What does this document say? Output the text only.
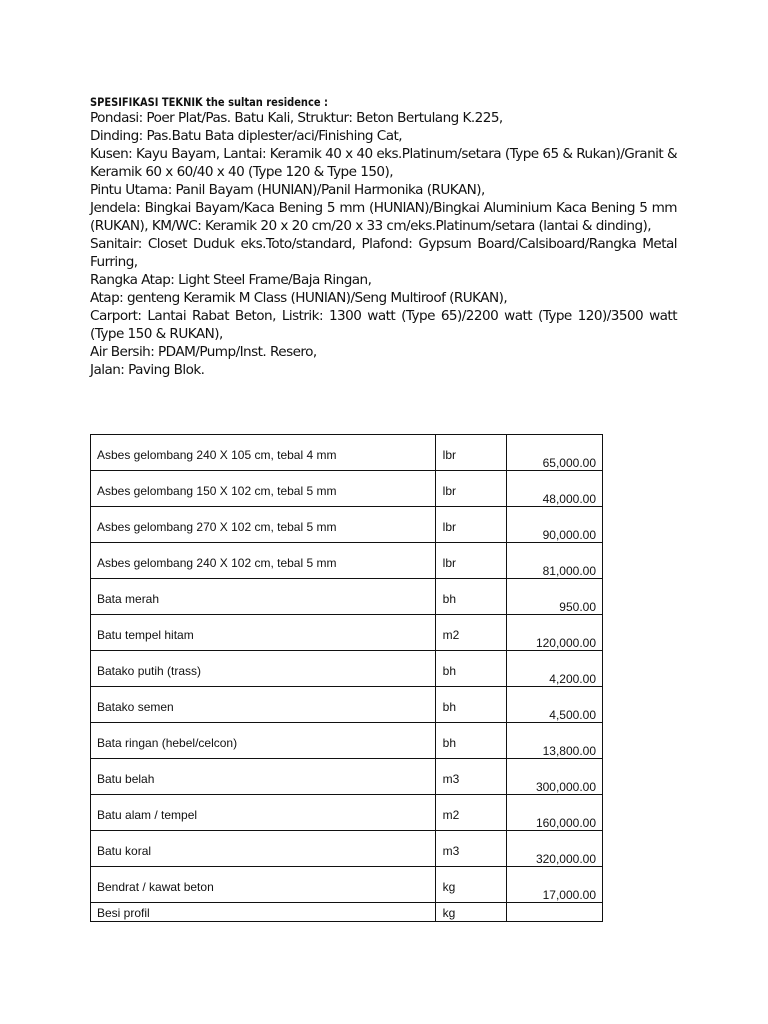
SPESIFIKASI TEKNIK the sultan residence :

Pondasi: Poer Plat/Pas. Batu Kali, Struktur: Beton Bertulang K.225,

Dinding: Pas.Batu Bata diplester/aci/Finishing Cat,

Kusen: Kayu Bayam, Lantai: Keramik 40 x 40 eks.Platinum/setara (Type 65 & Rukan)/Granit & Keramik 60 x 60/40 x 40 (Type 120 & Type 150),

Pintu Utama: Panil Bayam (HUNIAN)/Panil Harmonika (RUKAN),

Jendela: Bingkai Bayam/Kaca Bening 5 mm (HUNIAN)/Bingkai Aluminium Kaca Bening 5 mm (RUKAN), KM/WC: Keramik 20 x 20 cm/20 x 33 cm/eks.Platinum/setara (lantai & dinding),

Sanitair: Closet Duduk eks.Toto/standard, Plafond: Gypsum Board/Calsiboard/Rangka Metal Furring,

Rangka Atap: Light Steel Frame/Baja Ringan,

Atap: genteng Keramik M Class (HUNIAN)/Seng Multiroof (RUKAN),

Carport: Lantai Rabat Beton, Listrik: 1300 watt (Type 65)/2200 watt (Type 120)/3500 watt (Type 150 & RUKAN),

Air Bersih: PDAM/Pump/Inst. Resero,

Jalan: Paving Blok.

Asbes gelombang 240 X 105 cm, tebal 4 mm	lbr	65,000.00

Asbes gelombang 150 X 102 cm, tebal 5 mm	lbr	48,000.00

Asbes gelombang 270 X 102 cm, tebal 5 mm	lbr	90,000.00

Asbes gelombang 240 X 102 cm, tebal 5 mm	lbr	81,000.00

Bata merah	bh	950.00

Batu tempel hitam	m2	120,000.00

Batako putih (trass)	bh	4,200.00

Batako semen	bh	4,500.00

Bata ringan (hebel/celcon)	bh	13,800.00

Batu belah	m3	300,000.00

Batu alam / tempel	m2	160,000.00

Batu koral	m3	320,000.00

Bendrat / kawat beton	kg	17,000.00

Besi profil	kg	
